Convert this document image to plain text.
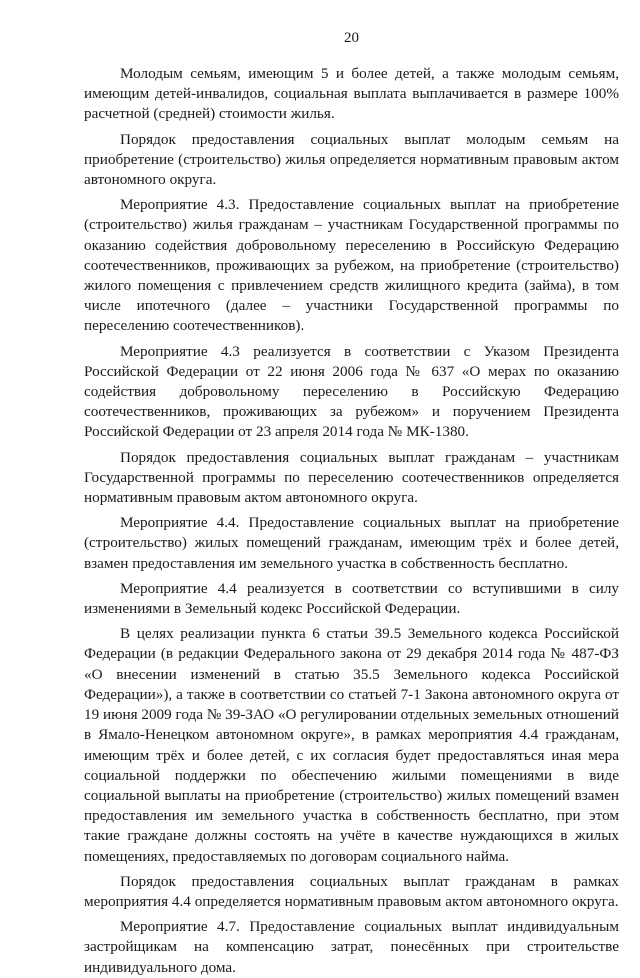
20

Молодым семьям, имеющим 5 и более детей, а также молодым семьям, имеющим детей-инвалидов, социальная выплата выплачивается в размере 100% расчетной (средней) стоимости жилья.

Порядок предоставления социальных выплат молодым семьям на приобретение (строительство) жилья определяется нормативным правовым актом автономного округа.

Мероприятие 4.3. Предоставление социальных выплат на приобретение (строительство) жилья гражданам – участникам Государственной программы по оказанию содействия добровольному переселению в Российскую Федерацию соотечественников, проживающих за рубежом, на приобретение (строительство) жилого помещения с привлечением средств жилищного кредита (займа), в том числе ипотечного (далее – участники Государственной программы по переселению соотечественников).

Мероприятие 4.3 реализуется в соответствии с Указом Президента Российской Федерации от 22 июня 2006 года № 637 «О мерах по оказанию содействия добровольному переселению в Российскую Федерацию соотечественников, проживающих за рубежом» и поручением Президента Российской Федерации от 23 апреля 2014 года № МК-1380.

Порядок предоставления социальных выплат гражданам – участникам Государственной программы по переселению соотечественников определяется нормативным правовым актом автономного округа.

Мероприятие 4.4. Предоставление социальных выплат на приобретение (строительство) жилых помещений гражданам, имеющим трёх и более детей, взамен предоставления им земельного участка в собственность бесплатно.

Мероприятие 4.4 реализуется в соответствии со вступившими в силу изменениями в Земельный кодекс Российской Федерации.

В целях реализации пункта 6 статьи 39.5 Земельного кодекса Российской Федерации (в редакции Федерального закона от 29 декабря 2014 года № 487-ФЗ «О внесении изменений в статью 35.5 Земельного кодекса Российской Федерации»), а также в соответствии со статьей 7-1 Закона автономного округа от 19 июня 2009 года № 39-ЗАО «О регулировании отдельных земельных отношений в Ямало-Ненецком автономном округе», в рамках мероприятия 4.4 гражданам, имеющим трёх и более детей, с их согласия будет предоставляться иная мера социальной поддержки по обеспечению жилыми помещениями в виде социальной выплаты на приобретение (строительство) жилых помещений взамен предоставления им земельного участка в собственность бесплатно, при этом такие граждане должны состоять на учёте в качестве нуждающихся в жилых помещениях, предоставляемых по договорам социального найма.

Порядок предоставления социальных выплат гражданам в рамках мероприятия 4.4 определяется нормативным правовым актом автономного округа.

Мероприятие 4.7. Предоставление социальных выплат индивидуальным застройщикам на компенсацию затрат, понесённых при строительстве индивидуального дома.
